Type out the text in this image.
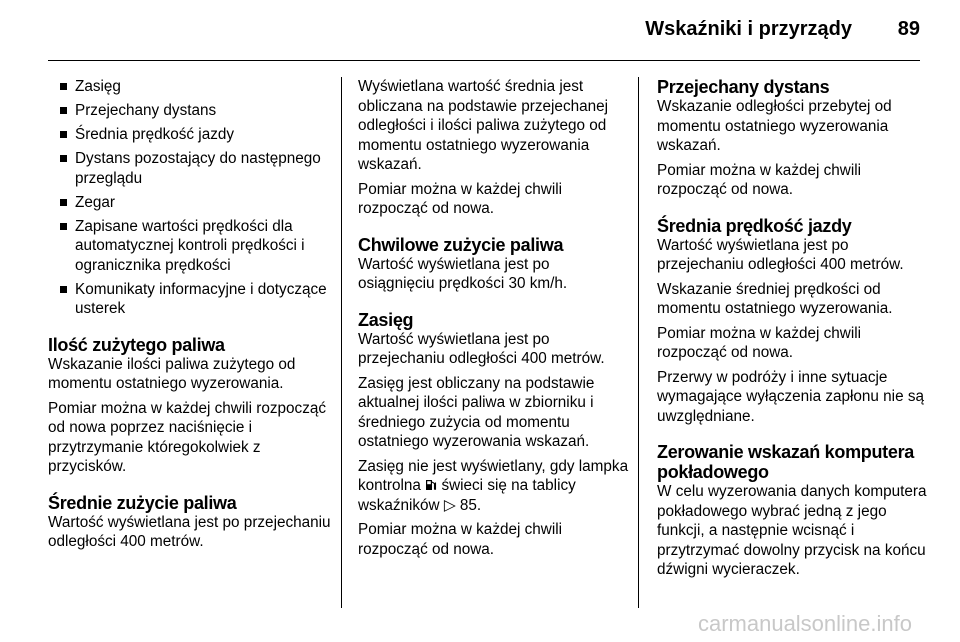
Wskaźniki i przyrządy 89
Zasięg
Przejechany dystans
Średnia prędkość jazdy
Dystans pozostający do następnego przeglądu
Zegar
Zapisane wartości prędkości dla automatycznej kontroli prędkości i ogranicznika prędkości
Komunikaty informacyjne i dotyczące usterek
Ilość zużytego paliwa

Wskazanie ilości paliwa zużytego od momentu ostatniego wyzerowania.

Pomiar można w każdej chwili rozpocząć od nowa poprzez naciśnięcie i przytrzymanie któregokolwiek z przycisków.

Średnie zużycie paliwa

Wartość wyświetlana jest po przejechaniu odległości 400 metrów.

Wyświetlana wartość średnia jest obliczana na podstawie przejechanej odległości i ilości paliwa zużytego od momentu ostatniego wyzerowania wskazań.

Pomiar można w każdej chwili rozpocząć od nowa.

Chwilowe zużycie paliwa

Wartość wyświetlana jest po osiągnięciu prędkości 30 km/h.

Zasięg

Wartość wyświetlana jest po przejechaniu odległości 400 metrów.

Zasięg jest obliczany na podstawie aktualnej ilości paliwa w zbiorniku i średniego zużycia od momentu ostatniego wyzerowania wskazań.

Zasięg nie jest wyświetlany, gdy lampka kontrolna świeci się na tablicy wskaźników ▷ 85.

Pomiar można w każdej chwili rozpocząć od nowa.

Przejechany dystans

Wskazanie odległości przebytej od momentu ostatniego wyzerowania wskazań.

Pomiar można w każdej chwili rozpocząć od nowa.

Średnia prędkość jazdy

Wartość wyświetlana jest po przejechaniu odległości 400 metrów.

Wskazanie średniej prędkości od momentu ostatniego wyzerowania.

Pomiar można w każdej chwili rozpocząć od nowa.

Przerwy w podróży i inne sytuacje wymagające wyłączenia zapłonu nie są uwzględniane.

Zerowanie wskazań komputera pokładowego

W celu wyzerowania danych komputera pokładowego wybrać jedną z jego funkcji, a następnie wcisnąć i przytrzymać dowolny przycisk na końcu dźwigni wycieraczek.

carmanualsonline.info
